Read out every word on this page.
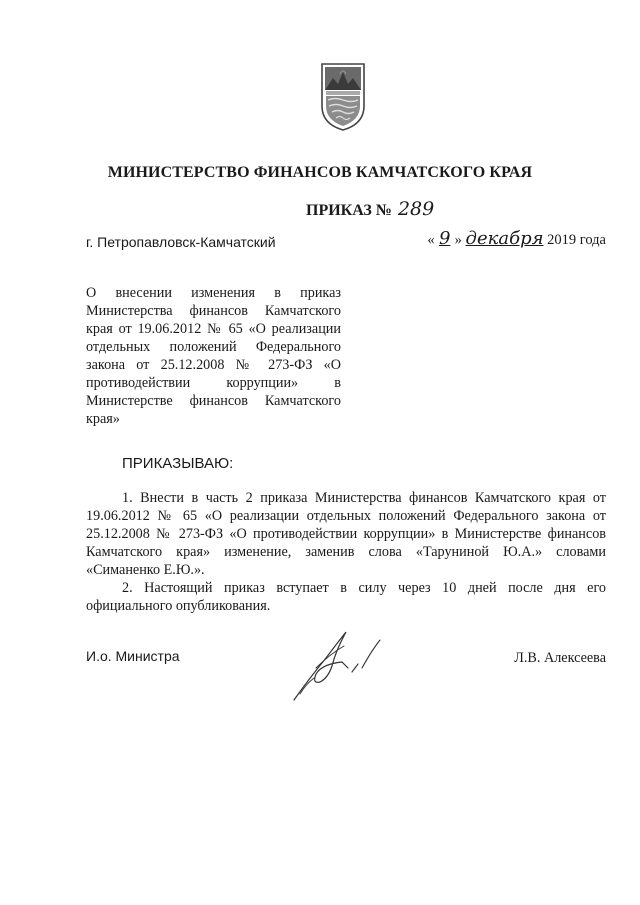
МИНИСТЕРСТВО ФИНАНСОВ КАМЧАТСКОГО КРАЯ
ПРИКАЗ № 289
г. Петропавловск-Камчатский	« 9 » декабря 2019 года
О внесении изменения в приказ Министерства финансов Камчатского края от 19.06.2012 № 65 «О реализации отдельных положений Федерального закона от 25.12.2008 № 273-ФЗ «О противодействии коррупции» в Министерстве финансов Камчатского края»
ПРИКАЗЫВАЮ:

1. Внести в часть 2 приказа Министерства финансов Камчатского края от 19.06.2012 № 65 «О реализации отдельных положений Федерального закона от 25.12.2008 № 273-ФЗ «О противодействии коррупции» в Министерстве финансов Камчатского края» изменение, заменив слова «Таруниной Ю.А.» словами «Симаненко Е.Ю.».

2. Настоящий приказ вступает в силу через 10 дней после дня его официального опубликования.

И.о. Министра	Л.В. Алексеева
